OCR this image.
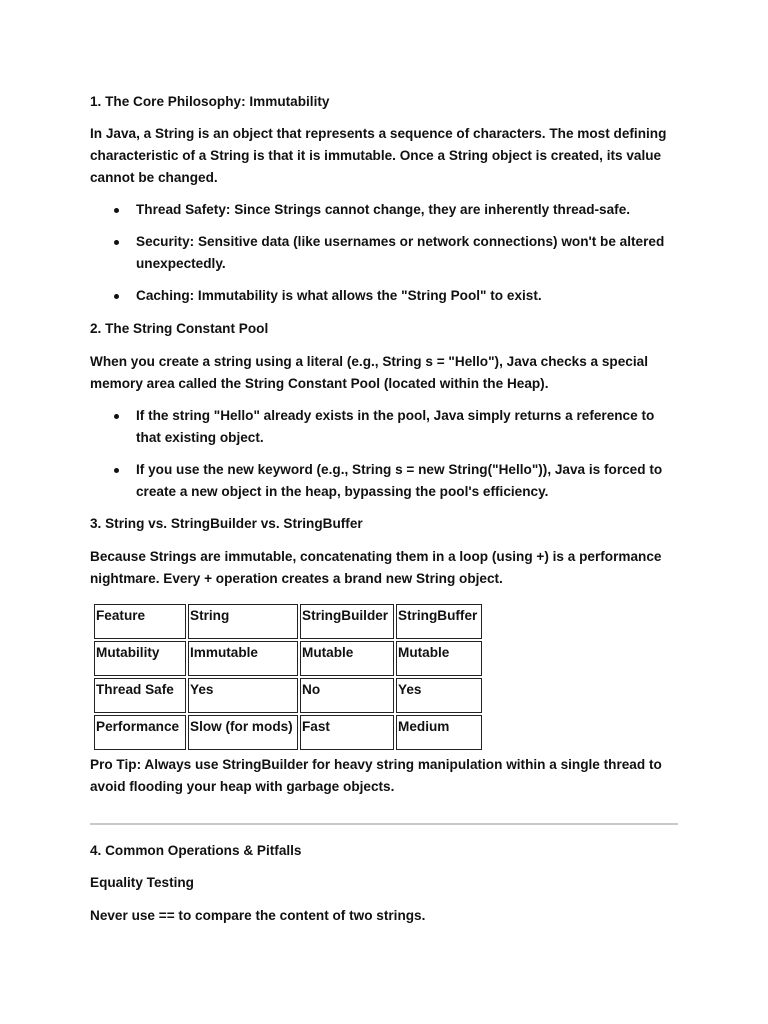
1. The Core Philosophy: Immutability

In Java, a String is an object that represents a sequence of characters. The most defining characteristic of a String is that it is immutable. Once a String object is created, its value cannot be changed.

Thread Safety: Since Strings cannot change, they are inherently thread-safe.
Security: Sensitive data (like usernames or network connections) won't be altered unexpectedly.
Caching: Immutability is what allows the "String Pool" to exist.
2. The String Constant Pool

When you create a string using a literal (e.g., String s = "Hello"), Java checks a special memory area called the String Constant Pool (located within the Heap).

If the string "Hello" already exists in the pool, Java simply returns a reference to that existing object.
If you use the new keyword (e.g., String s = new String("Hello")), Java is forced to create a new object in the heap, bypassing the pool's efficiency.
3. String vs. StringBuilder vs. StringBuffer

Because Strings are immutable, concatenating them in a loop (using +) is a performance nightmare. Every + operation creates a brand new String object.

Feature	String	StringBuilder	StringBuffer
Mutability	Immutable	Mutable	Mutable
Thread Safe	Yes	No	Yes
Performance	Slow (for mods)	Fast	Medium

Pro Tip: Always use StringBuilder for heavy string manipulation within a single thread to avoid flooding your heap with garbage objects.

4. Common Operations & Pitfalls
Equality Testing

Never use == to compare the content of two strings.
